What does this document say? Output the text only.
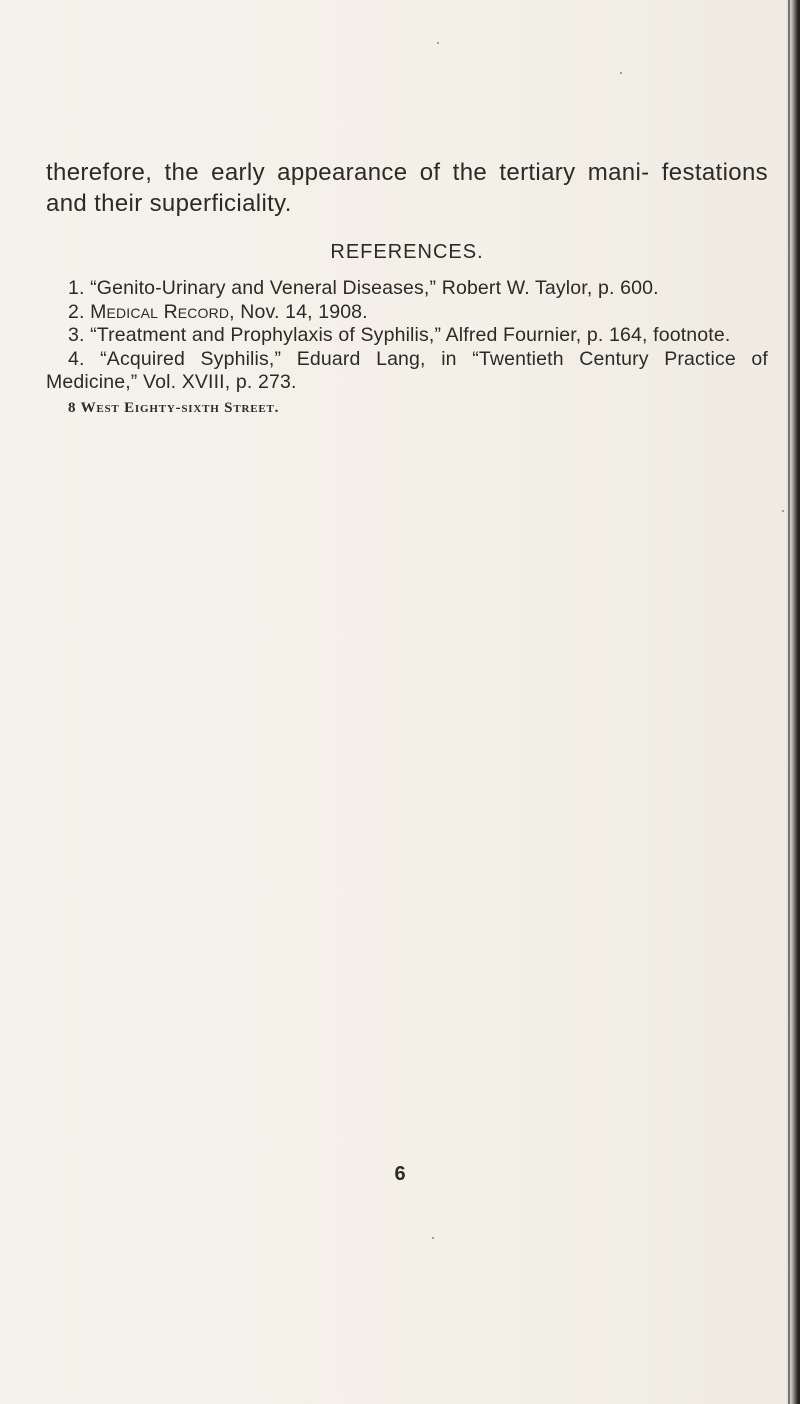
therefore, the early appearance of the tertiary mani- festations and their superficiality.

REFERENCES.

1. “Genito-Urinary and Veneral Diseases,” Robert W. Taylor, p. 600.

2. Medical Record, Nov. 14, 1908.

3. “Treatment and Prophylaxis of Syphilis,” Alfred Fournier, p. 164, footnote.

4. “Acquired Syphilis,” Eduard Lang, in “Twentieth Century Practice of Medicine,” Vol. XVIII, p. 273.

8 West Eighty-sixth Street.

6
